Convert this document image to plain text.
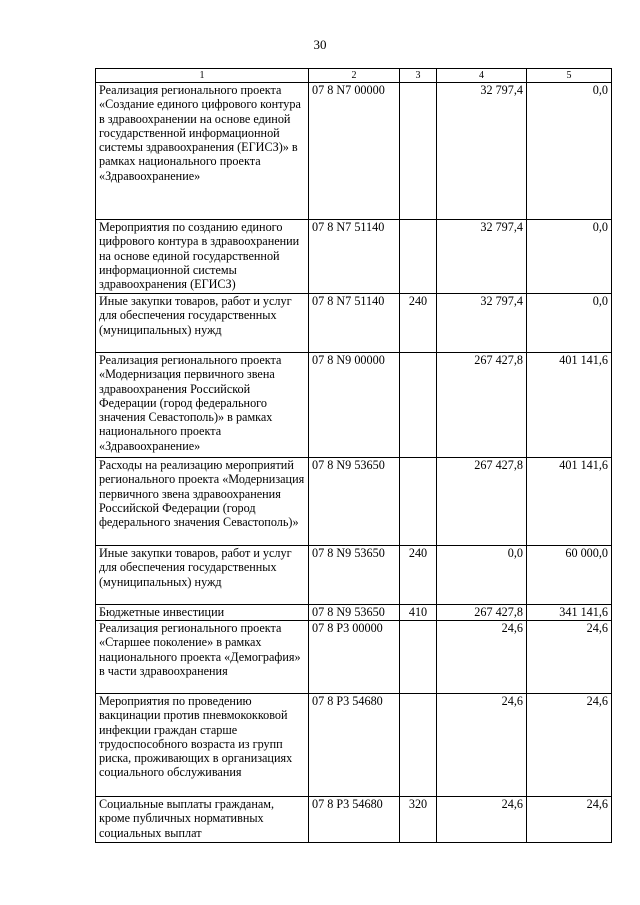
30
1	2	3	4	5
Реализация регионального проекта «Создание единого цифрового контура в здравоохранении на основе единой государственной информационной системы здравоохранения (ЕГИСЗ)» в рамках национального проекта «Здравоохранение»	07 8 N7 00000		32 797,4	0,0
Мероприятия по созданию единого цифрового контура в здравоохранении на основе единой государственной информационной системы здравоохранения (ЕГИСЗ)	07 8 N7 51140		32 797,4	0,0
Иные закупки товаров, работ и услуг для обеспечения государственных (муниципальных) нужд	07 8 N7 51140	240	32 797,4	0,0
Реализация регионального проекта «Модернизация первичного звена здравоохранения Российской Федерации (город федерального значения Севастополь)» в рамках национального проекта «Здравоохранение»	07 8 N9 00000		267 427,8	401 141,6
Расходы на реализацию мероприятий регионального проекта «Модернизация первичного звена здравоохранения Российской Федерации (город федерального значения Севастополь)»	07 8 N9 53650		267 427,8	401 141,6
Иные закупки товаров, работ и услуг для обеспечения государственных (муниципальных) нужд	07 8 N9 53650	240	0,0	60 000,0
Бюджетные инвестиции	07 8 N9 53650	410	267 427,8	341 141,6
Реализация регионального проекта «Старшее поколение» в рамках национального проекта «Демография» в части здравоохранения	07 8 P3 00000		24,6	24,6
Мероприятия по проведению вакцинации против пневмококковой инфекции граждан старше трудоспособного возраста из групп риска, проживающих в организациях социального обслуживания	07 8 P3 54680		24,6	24,6
Социальные выплаты гражданам, кроме публичных нормативных социальных выплат	07 8 P3 54680	320	24,6	24,6
